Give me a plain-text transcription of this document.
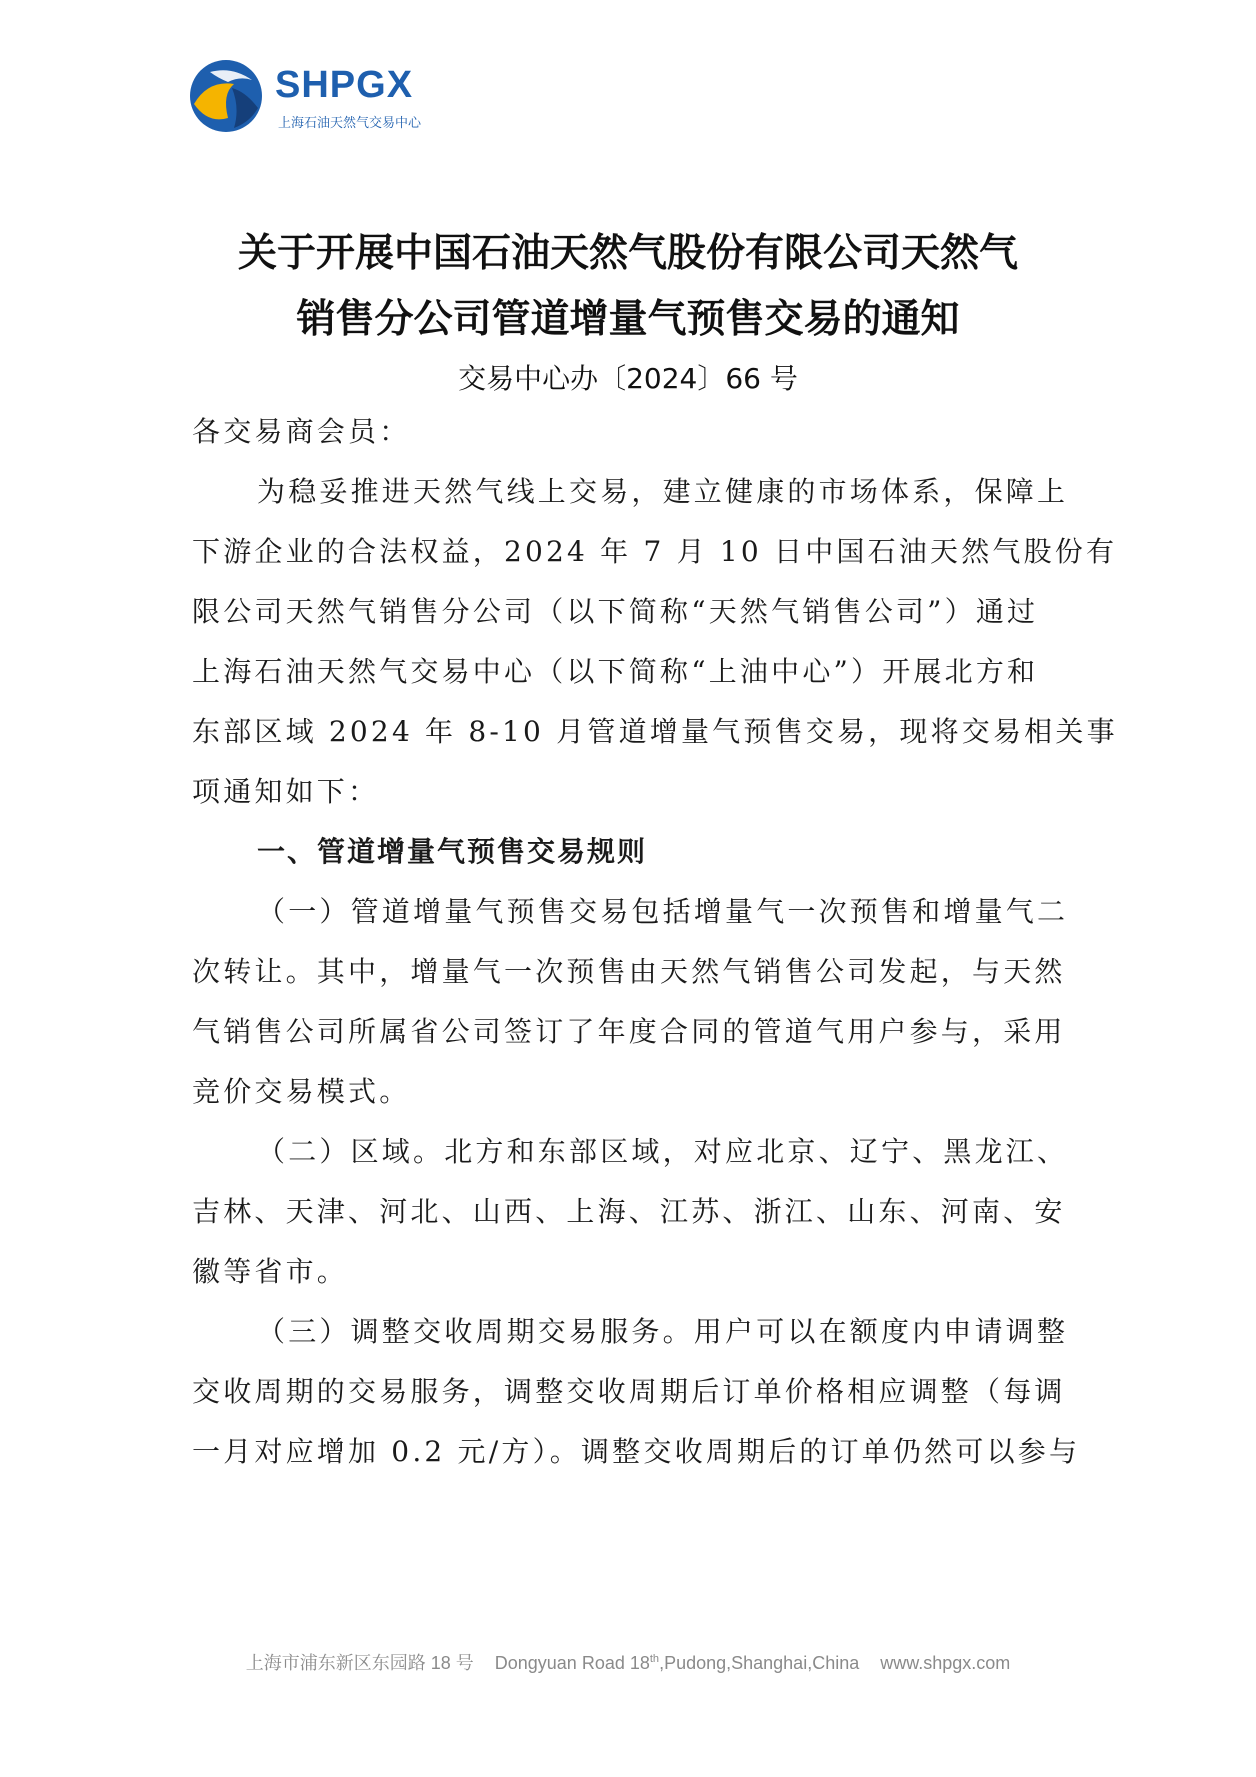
SHPGX
上海石油天然气交易中心
关于开展中国石油天然气股份有限公司天然气
销售分公司管道增量气预售交易的通知
交易中心办〔2024〕66 号
各交易商会员：
为稳妥推进天然气线上交易，建立健康的市场体系，保障上
下游企业的合法权益，2024 年 7 月 10 日中国石油天然气股份有
限公司天然气销售分公司（以下简称“天然气销售公司”）通过
上海石油天然气交易中心（以下简称“上油中心”）开展北方和
东部区域 2024 年 8-10 月管道增量气预售交易，现将交易相关事
项通知如下：
一、管道增量气预售交易规则
（一）管道增量气预售交易包括增量气一次预售和增量气二
次转让。其中，增量气一次预售由天然气销售公司发起，与天然
气销售公司所属省公司签订了年度合同的管道气用户参与，采用
竞价交易模式。
（二）区域。北方和东部区域，对应北京、辽宁、黑龙江、
吉林、天津、河北、山西、上海、江苏、浙江、山东、河南、安
徽等省市。
（三）调整交收周期交易服务。用户可以在额度内申请调整
交收周期的交易服务，调整交收周期后订单价格相应调整（每调
一月对应增加 0.2 元/方）。调整交收周期后的订单仍然可以参与
上海市浦东新区东园路 18 号 Dongyuan Road 18th,Pudong,Shanghai,China www.shpgx.com
